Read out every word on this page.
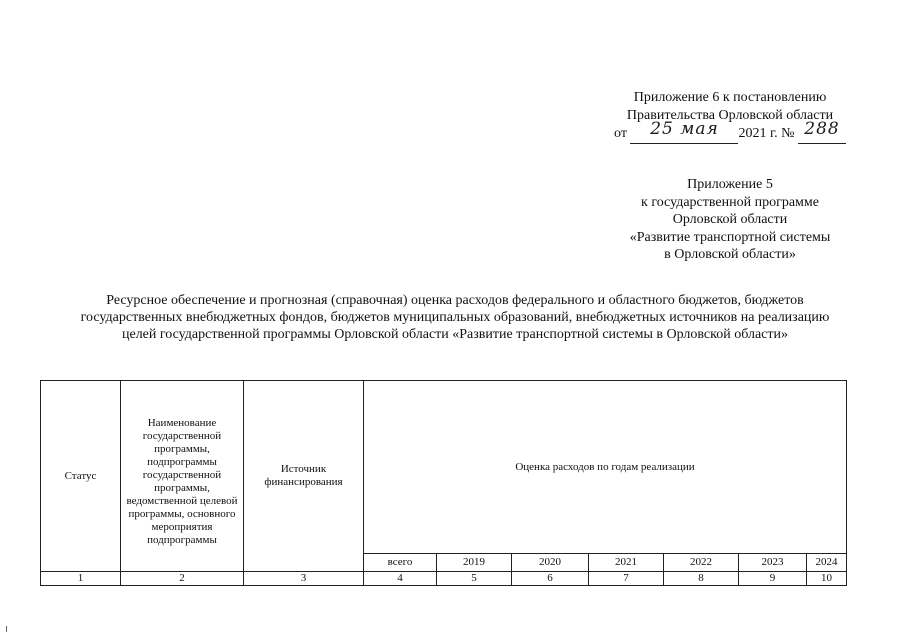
Приложение 6 к постановлению
Правительства Орловской области
от 25 мая 2021 г. № 288
Приложение 5
к государственной программе
Орловской области
«Развитие транспортной системы
в Орловской области»
Ресурсное обеспечение и прогнозная (справочная) оценка расходов федерального и областного бюджетов, бюджетов
государственных внебюджетных фондов, бюджетов муниципальных образований, внебюджетных источников на реализацию
целей государственной программы Орловской области «Развитие транспортной системы в Орловской области»
Статус	Наименование государственной программы, подпрограммы государственной программы, ведомственной целевой программы, основного мероприятия подпрограммы	Источник финансирования	Оценка расходов по годам реализации						
			всего	2019	2020	2021	2022	2023	2024
1	2	3	4	5	6	7	8	9	10
